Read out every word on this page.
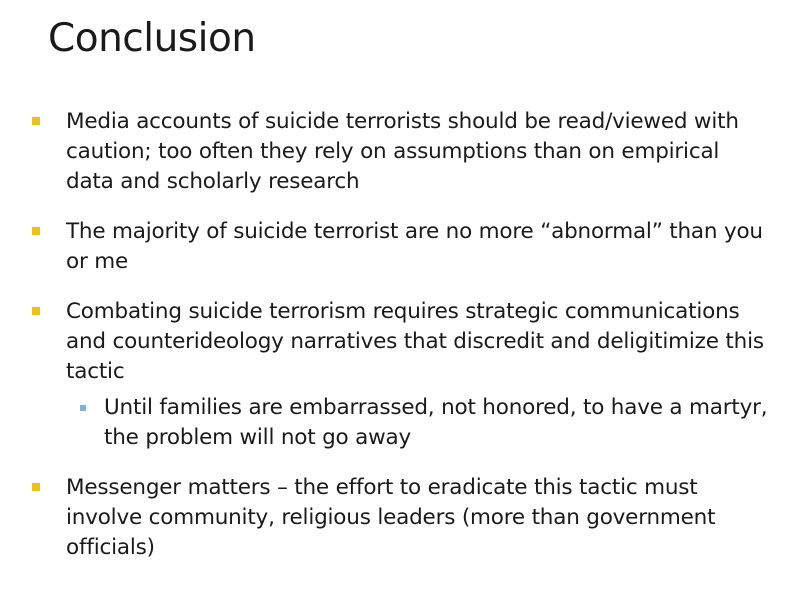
Conclusion
Media accounts of suicide terrorists should be read/viewed with caution; too often they rely on assumptions than on empirical data and scholarly research
The majority of suicide terrorist are no more “abnormal” than you or me
Combating suicide terrorism requires strategic communications and counterideology narratives that discredit and deligitimize this tactic
Until families are embarrassed, not honored, to have a martyr, the problem will not go away
Messenger matters – the effort to eradicate this tactic must involve community, religious leaders (more than government officials)
